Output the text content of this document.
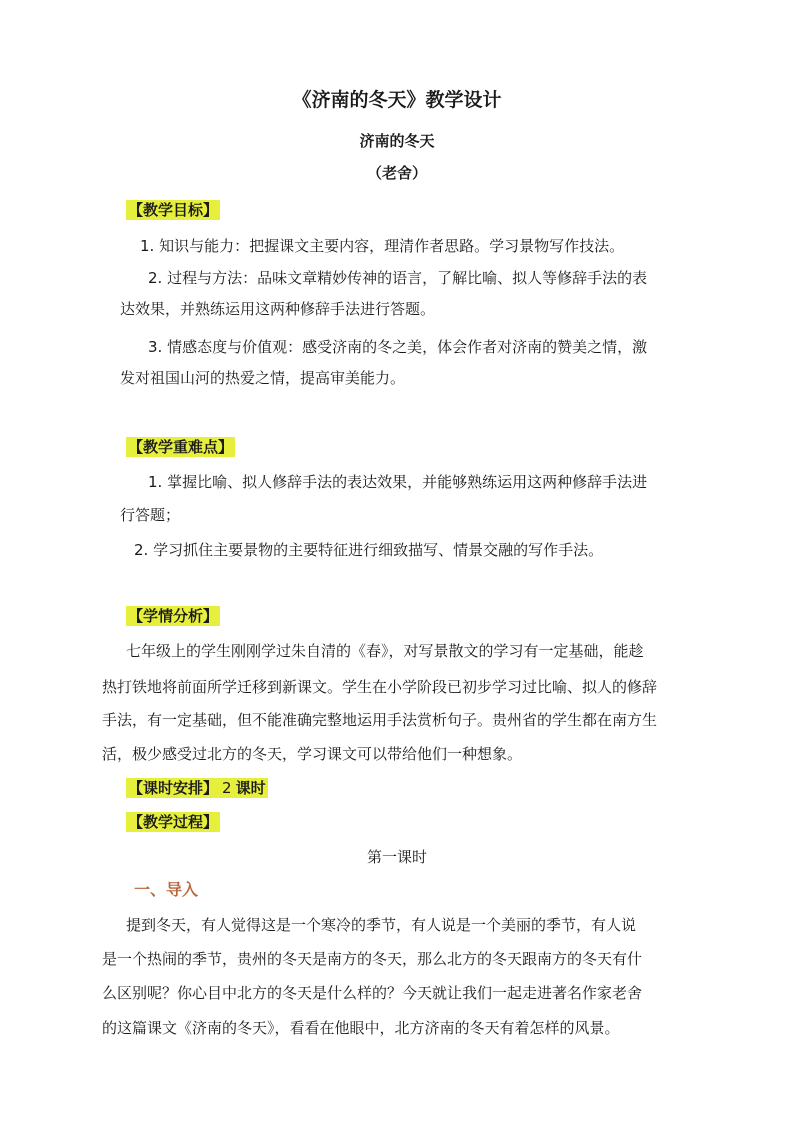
《济南的冬天》教学设计
济南的冬天
（老舍）
【教学目标】
1. 知识与能力：把握课文主要内容，理清作者思路。学习景物写作技法。
2. 过程与方法：品味文章精妙传神的语言，了解比喻、拟人等修辞手法的表
达效果，并熟练运用这两种修辞手法进行答题。
3. 情感态度与价值观：感受济南的冬之美，体会作者对济南的赞美之情，激
发对祖国山河的热爱之情，提高审美能力。
【教学重难点】
1. 掌握比喻、拟人修辞手法的表达效果，并能够熟练运用这两种修辞手法进
行答题；
2. 学习抓住主要景物的主要特征进行细致描写、情景交融的写作手法。
【学情分析】
七年级上的学生刚刚学过朱自清的《春》，对写景散文的学习有一定基础，能趁
热打铁地将前面所学迁移到新课文。学生在小学阶段已初步学习过比喻、拟人的修辞
手法，有一定基础，但不能准确完整地运用手法赏析句子。贵州省的学生都在南方生
活，极少感受过北方的冬天，学习课文可以带给他们一种想象。
【课时安排】 2 课时
【教学过程】
第一课时
一、导入
提到冬天，有人觉得这是一个寒冷的季节，有人说是一个美丽的季节，有人说
是一个热闹的季节，贵州的冬天是南方的冬天，那么北方的冬天跟南方的冬天有什
么区别呢？你心目中北方的冬天是什么样的？今天就让我们一起走进著名作家老舍
的这篇课文《济南的冬天》，看看在他眼中，北方济南的冬天有着怎样的风景。
